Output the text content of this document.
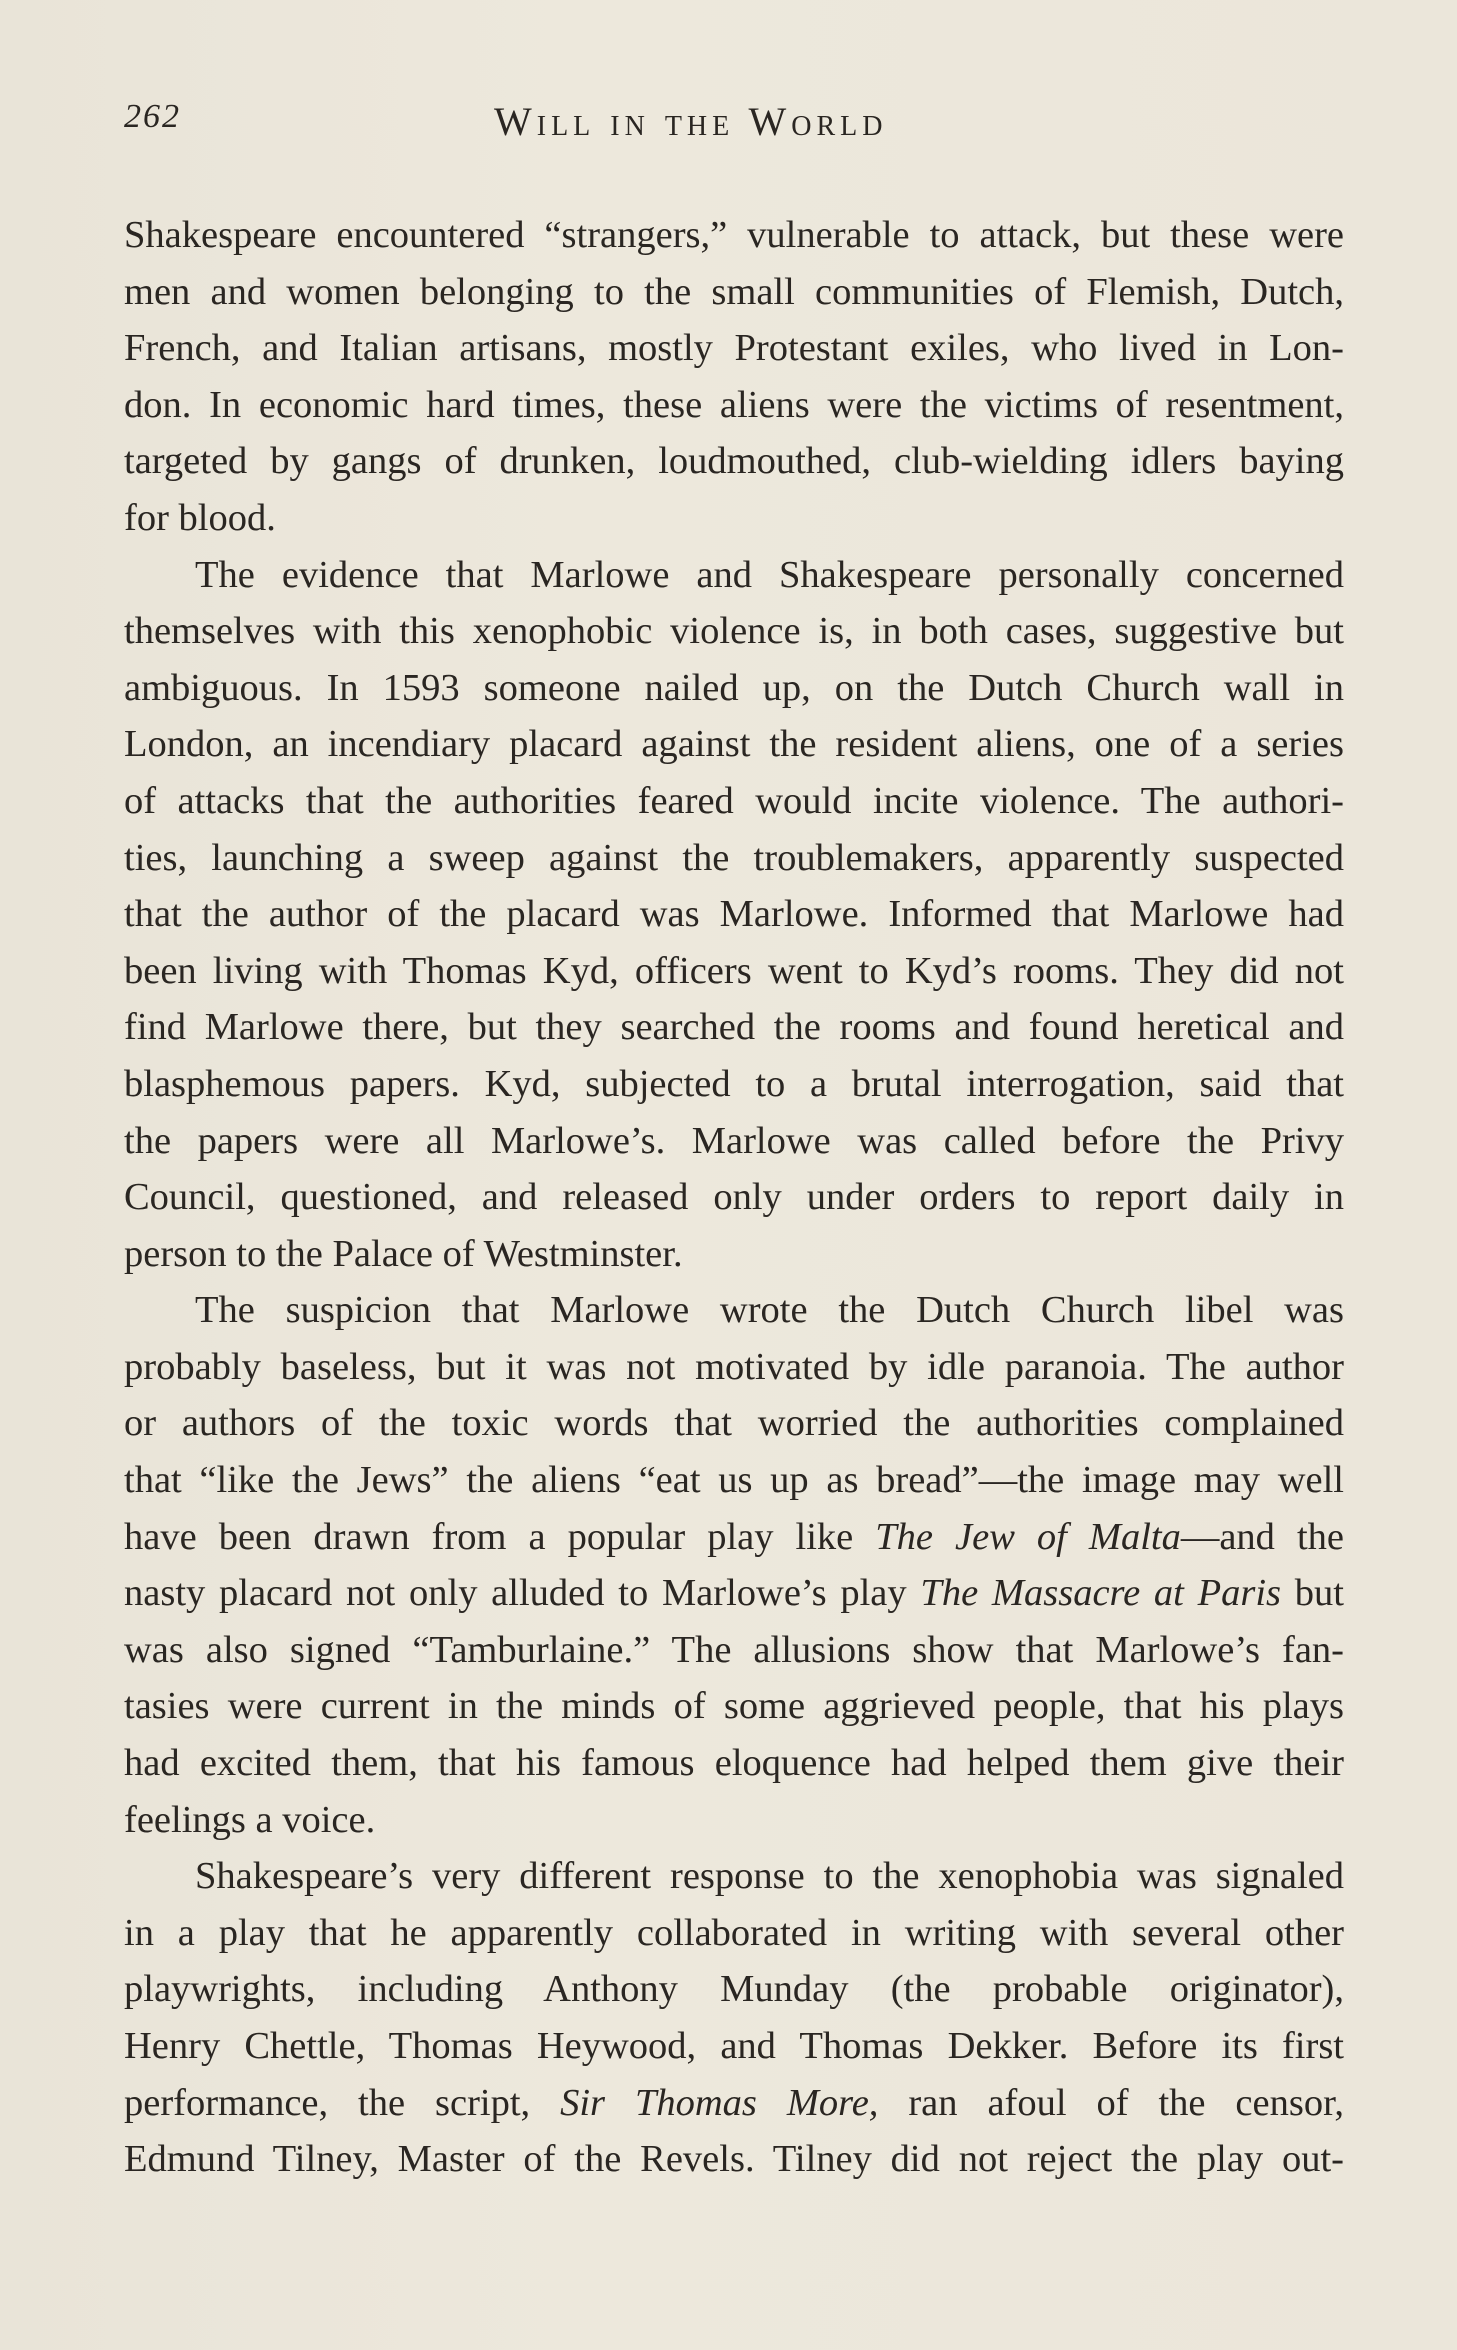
262	Will in the World

Shakespeare encountered “strangers,” vulnerable to attack, but these were
men and women belonging to the small communities of Flemish, Dutch,
French, and Italian artisans, mostly Protestant exiles, who lived in Lon-
don. In economic hard times, these aliens were the victims of resentment,
targeted by gangs of drunken, loudmouthed, club-wielding idlers baying
for blood.

The evidence that Marlowe and Shakespeare personally concerned
themselves with this xenophobic violence is, in both cases, suggestive but
ambiguous. In 1593 someone nailed up, on the Dutch Church wall in
London, an incendiary placard against the resident aliens, one of a series
of attacks that the authorities feared would incite violence. The authori-
ties, launching a sweep against the troublemakers, apparently suspected
that the author of the placard was Marlowe. Informed that Marlowe had
been living with Thomas Kyd, officers went to Kyd’s rooms. They did not
find Marlowe there, but they searched the rooms and found heretical and
blasphemous papers. Kyd, subjected to a brutal interrogation, said that
the papers were all Marlowe’s. Marlowe was called before the Privy
Council, questioned, and released only under orders to report daily in
person to the Palace of Westminster.

The suspicion that Marlowe wrote the Dutch Church libel was
probably baseless, but it was not motivated by idle paranoia. The author
or authors of the toxic words that worried the authorities complained
that “like the Jews” the aliens “eat us up as bread”—the image may well
have been drawn from a popular play like The Jew of Malta—and the
nasty placard not only alluded to Marlowe’s play The Massacre at Paris but
was also signed “Tamburlaine.” The allusions show that Marlowe’s fan-
tasies were current in the minds of some aggrieved people, that his plays
had excited them, that his famous eloquence had helped them give their
feelings a voice.

Shakespeare’s very different response to the xenophobia was signaled
in a play that he apparently collaborated in writing with several other
playwrights, including Anthony Munday (the probable originator),
Henry Chettle, Thomas Heywood, and Thomas Dekker. Before its first
performance, the script, Sir Thomas More, ran afoul of the censor,
Edmund Tilney, Master of the Revels. Tilney did not reject the play out-
